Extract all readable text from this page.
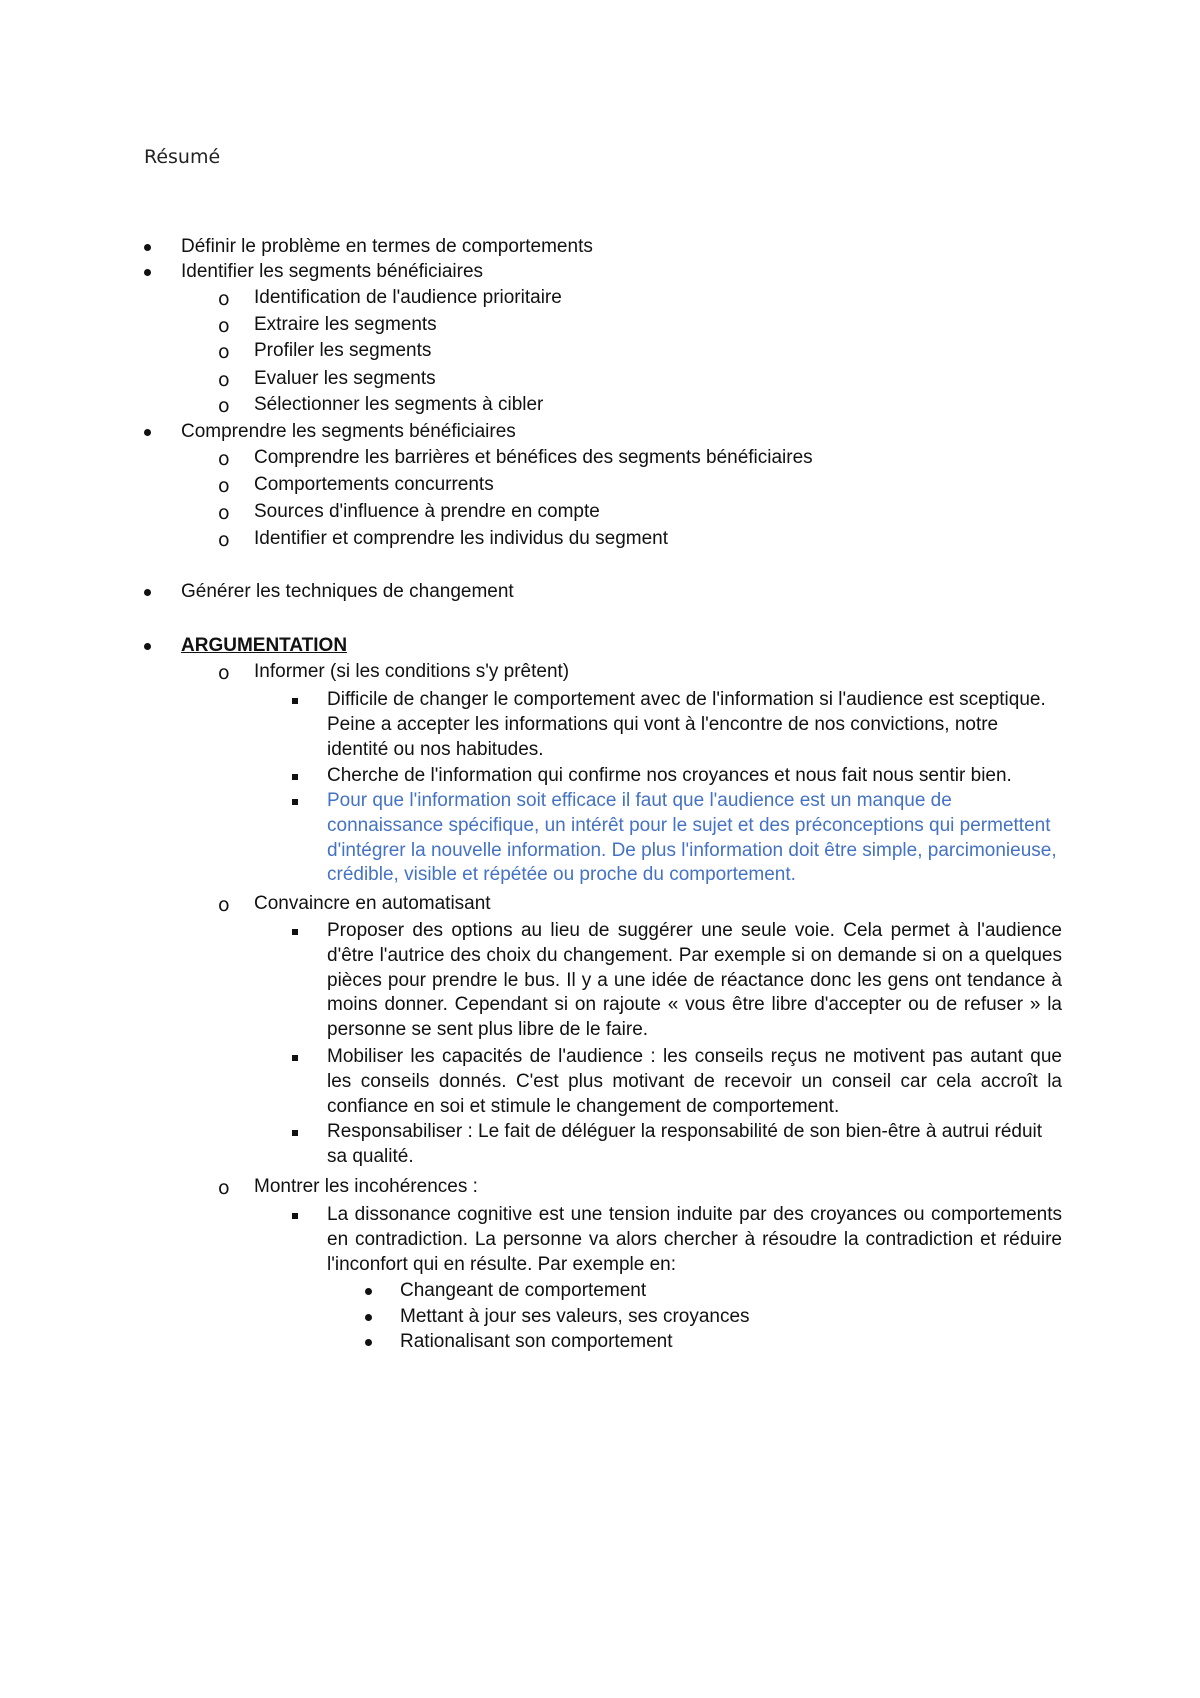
Résumé
Définir le problème en termes de comportements
Identifier les segments bénéficiaires
o Identification de l'audience prioritaire
o Extraire les segments
o Profiler les segments
o Evaluer les segments
o Sélectionner les segments à cibler
Comprendre les segments bénéficiaires
o Comprendre les barrières et bénéfices des segments bénéficiaires
o Comportements concurrents
o Sources d'influence à prendre en compte
o Identifier et comprendre les individus du segment
Générer les techniques de changement
ARGUMENTATION
o Informer (si les conditions s'y prêtent)
Difficile de changer le comportement avec de l'information si l'audience est sceptique. Peine a accepter les informations qui vont à l'encontre de nos convictions, notre identité ou nos habitudes.
Cherche de l'information qui confirme nos croyances et nous fait nous sentir bien.
Pour que l'information soit efficace il faut que l'audience est un manque de connaissance spécifique, un intérêt pour le sujet et des préconceptions qui permettent d'intégrer la nouvelle information. De plus l'information doit être simple, parcimonieuse, crédible, visible et répétée ou proche du comportement.
o Convaincre en automatisant
Proposer des options au lieu de suggérer une seule voie. Cela permet à l'audience d'être l'autrice des choix du changement. Par exemple si on demande si on a quelques pièces pour prendre le bus. Il y a une idée de réactance donc les gens ont tendance à moins donner. Cependant si on rajoute « vous être libre d'accepter ou de refuser » la personne se sent plus libre de le faire.
Mobiliser les capacités de l'audience : les conseils reçus ne motivent pas autant que les conseils donnés. C'est plus motivant de recevoir un conseil car cela accroît la confiance en soi et stimule le changement de comportement.
Responsabiliser : Le fait de déléguer la responsabilité de son bien-être à autrui réduit sa qualité.
o Montrer les incohérences :
La dissonance cognitive est une tension induite par des croyances ou comportements en contradiction. La personne va alors chercher à résoudre la contradiction et réduire l'inconfort qui en résulte. Par exemple en:
Changeant de comportement
Mettant à jour ses valeurs, ses croyances
Rationalisant son comportement
